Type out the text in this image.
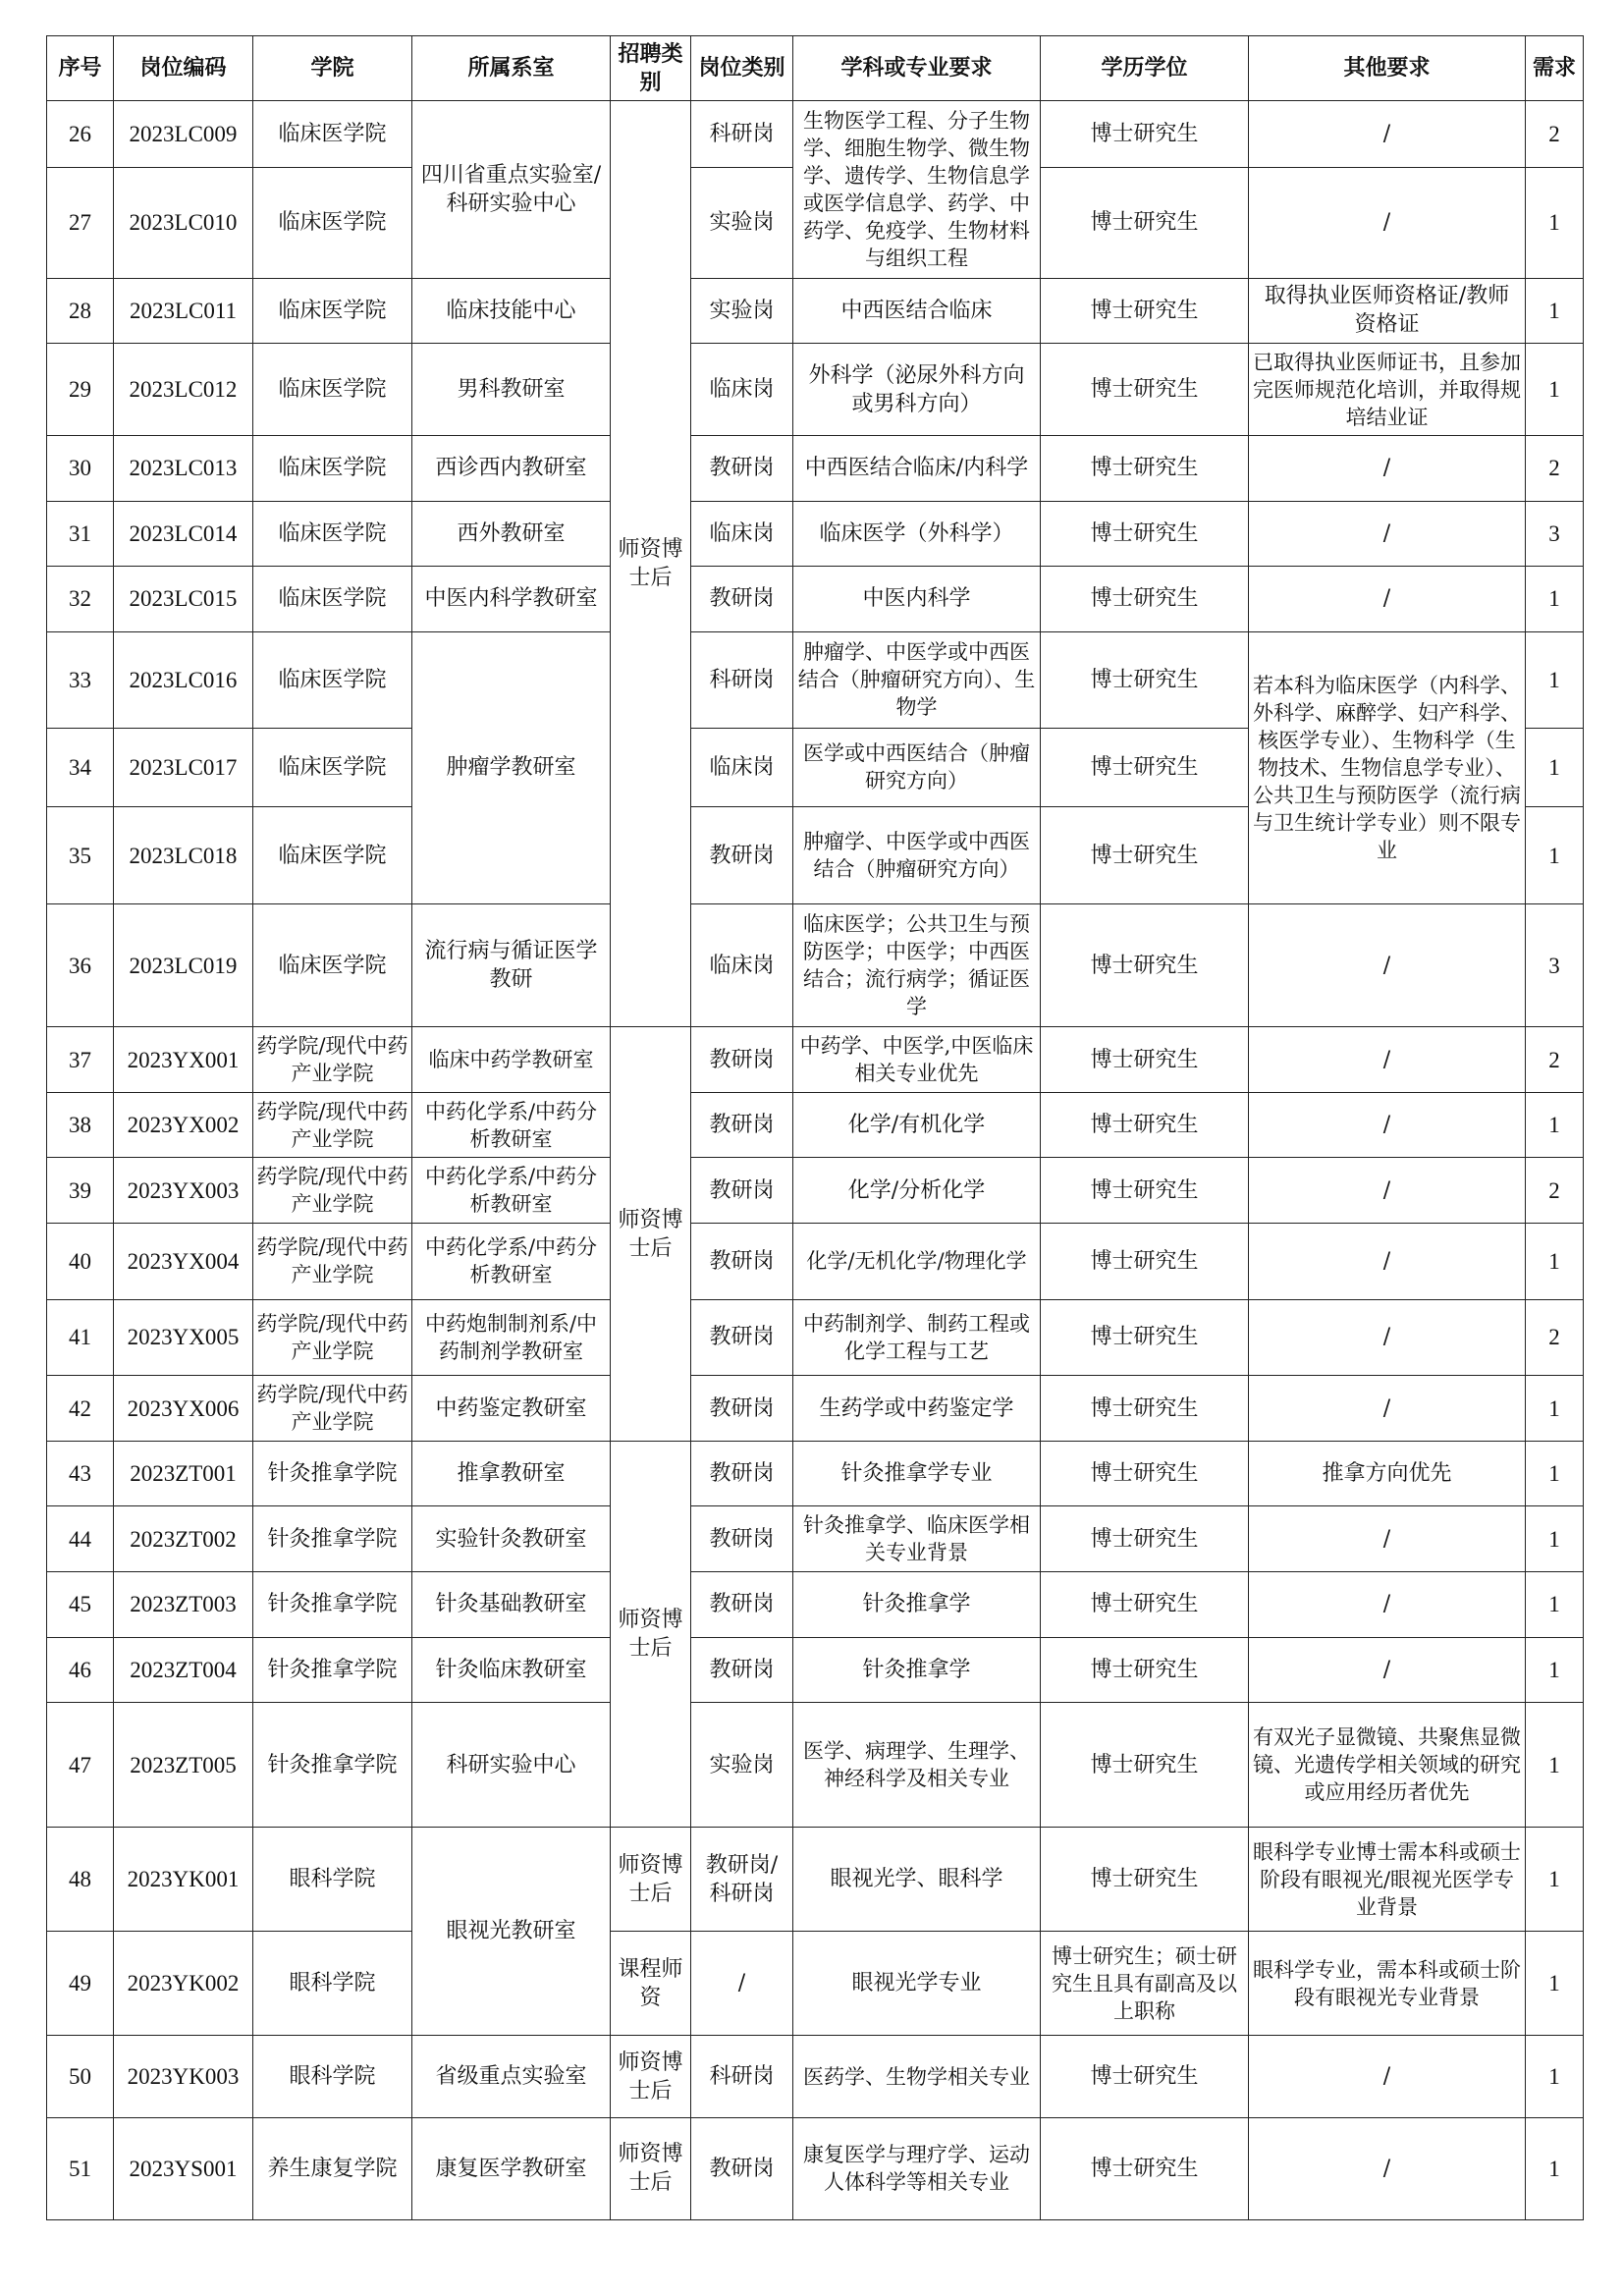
序号	岗位编码	学院	所属系室	招聘类别	岗位类别	学科或专业要求	学历学位	其他要求	需求
26	2023LC009	临床医学院	四川省重点实验室/科研实验中心	师资博士后	科研岗	生物医学工程、分子生物学、细胞生物学、微生物学、遗传学、生物信息学或医学信息学、药学、中药学、免疫学、生物材料与组织工程	博士研究生	/	2
27	2023LC010	临床医学院			实验岗		博士研究生	/	1
28	2023LC011	临床医学院	临床技能中心		实验岗	中西医结合临床	博士研究生	取得执业医师资格证/教师资格证	1
29	2023LC012	临床医学院	男科教研室		临床岗	外科学（泌尿外科方向或男科方向）	博士研究生	已取得执业医师证书，且参加完医师规范化培训，并取得规培结业证	1
30	2023LC013	临床医学院	西诊西内教研室		教研岗	中西医结合临床/内科学	博士研究生	/	2
31	2023LC014	临床医学院	西外教研室		临床岗	临床医学（外科学）	博士研究生	/	3
32	2023LC015	临床医学院	中医内科学教研室		教研岗	中医内科学	博士研究生	/	1
33	2023LC016	临床医学院	肿瘤学教研室		科研岗	肿瘤学、中医学或中西医结合（肿瘤研究方向）、生物学	博士研究生	若本科为临床医学（内科学、外科学、麻醉学、妇产科学、核医学专业）、生物科学（生物技术、生物信息学专业）、公共卫生与预防医学（流行病与卫生统计学专业）则不限专业	1
34	2023LC017	临床医学院			临床岗	医学或中西医结合（肿瘤研究方向）	博士研究生		1
35	2023LC018	临床医学院			教研岗	肿瘤学、中医学或中西医结合（肿瘤研究方向）	博士研究生		1
36	2023LC019	临床医学院	流行病与循证医学教研		临床岗	临床医学；公共卫生与预防医学；中医学；中西医结合；流行病学；循证医学	博士研究生	/	3
37	2023YX001	药学院/现代中药产业学院	临床中药学教研室	师资博士后	教研岗	中药学、中医学,中医临床相关专业优先	博士研究生	/	2
38	2023YX002	药学院/现代中药产业学院	中药化学系/中药分析教研室		教研岗	化学/有机化学	博士研究生	/	1
39	2023YX003	药学院/现代中药产业学院	中药化学系/中药分析教研室		教研岗	化学/分析化学	博士研究生	/	2
40	2023YX004	药学院/现代中药产业学院	中药化学系/中药分析教研室		教研岗	化学/无机化学/物理化学	博士研究生	/	1
41	2023YX005	药学院/现代中药产业学院	中药炮制制剂系/中药制剂学教研室		教研岗	中药制剂学、制药工程或化学工程与工艺	博士研究生	/	2
42	2023YX006	药学院/现代中药产业学院	中药鉴定教研室		教研岗	生药学或中药鉴定学	博士研究生	/	1
43	2023ZT001	针灸推拿学院	推拿教研室	师资博士后	教研岗	针灸推拿学专业	博士研究生	推拿方向优先	1
44	2023ZT002	针灸推拿学院	实验针灸教研室		教研岗	针灸推拿学、临床医学相关专业背景	博士研究生	/	1
45	2023ZT003	针灸推拿学院	针灸基础教研室		教研岗	针灸推拿学	博士研究生	/	1
46	2023ZT004	针灸推拿学院	针灸临床教研室		教研岗	针灸推拿学	博士研究生	/	1
47	2023ZT005	针灸推拿学院	科研实验中心		实验岗	医学、病理学、生理学、神经科学及相关专业	博士研究生	有双光子显微镜、共聚焦显微镜、光遗传学相关领域的研究或应用经历者优先	1
48	2023YK001	眼科学院	眼视光教研室	师资博士后	教研岗/科研岗	眼视光学、眼科学	博士研究生	眼科学专业博士需本科或硕士阶段有眼视光/眼视光医学专业背景	1
49	2023YK002	眼科学院		课程师资	/	眼视光学专业	博士研究生；硕士研究生且具有副高及以上职称	眼科学专业，需本科或硕士阶段有眼视光专业背景	1
50	2023YK003	眼科学院	省级重点实验室	师资博士后	科研岗	医药学、生物学相关专业	博士研究生	/	1
51	2023YS001	养生康复学院	康复医学教研室	师资博士后	教研岗	康复医学与理疗学、运动人体科学等相关专业	博士研究生	/	1
